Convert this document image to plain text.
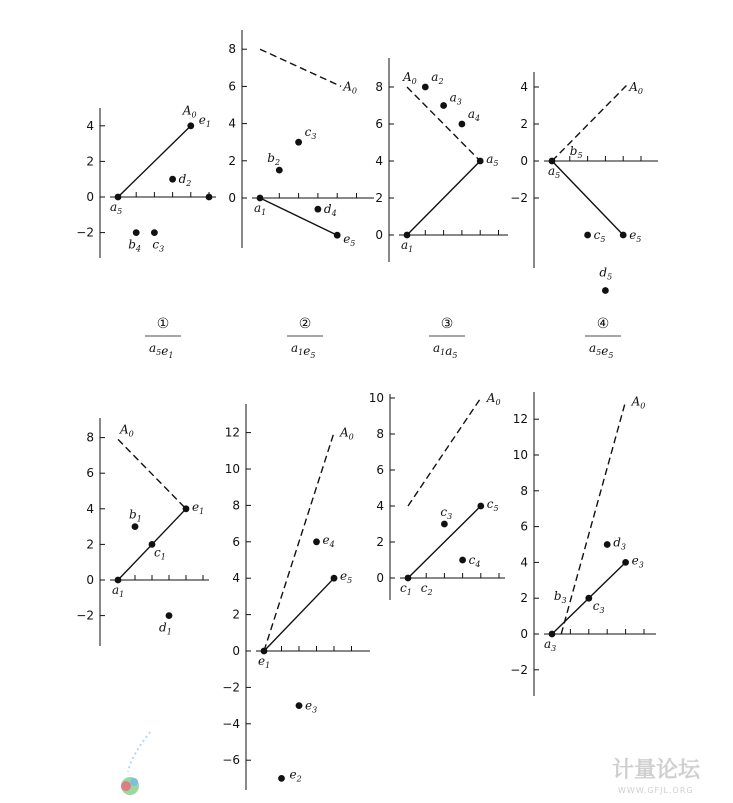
4
2
0
−2
$a_5$
$e_1$
$d_2$
$b_4$ $c_3$
$A_0$
①
$a_5e_1$
8
6
4
2
0
$a_1$
$e_5$
$b_2$
$c_3$
$d_4$
$A_0$
②
$a_1e_5$
8
6
4
2
0
$a_1$
$a_5$
$a_2$
$a_3$
$a_4$
$A_0$
③
$a_1a_5$
4
2
0
−2
$a_5$
$e_5$
$c_5$
$d_5$
$A_0$
$b_5$
④
$a_5e_5$
8
6
4
2
0
−2
$a_1$
$e_1$
$c_1$
$b_1$
$d_1$
$A_0$	12
10
8
6
4
2
0
−2
−4
−6
$e_1$
$e_5$
$e_4$
$e_3$
$e_2$
$A_0$
10
8
6
4
2
0
$c_1$
$c_5$
$c_3$
$c_4$
$A_0$
$c_2$
12
10
8
6
4
2
0
−2
$a_3$
$e_3$
$c_3$
$d_3$
$A_0$
$b_3$
计量论坛
WWW.GFJL.ORG
